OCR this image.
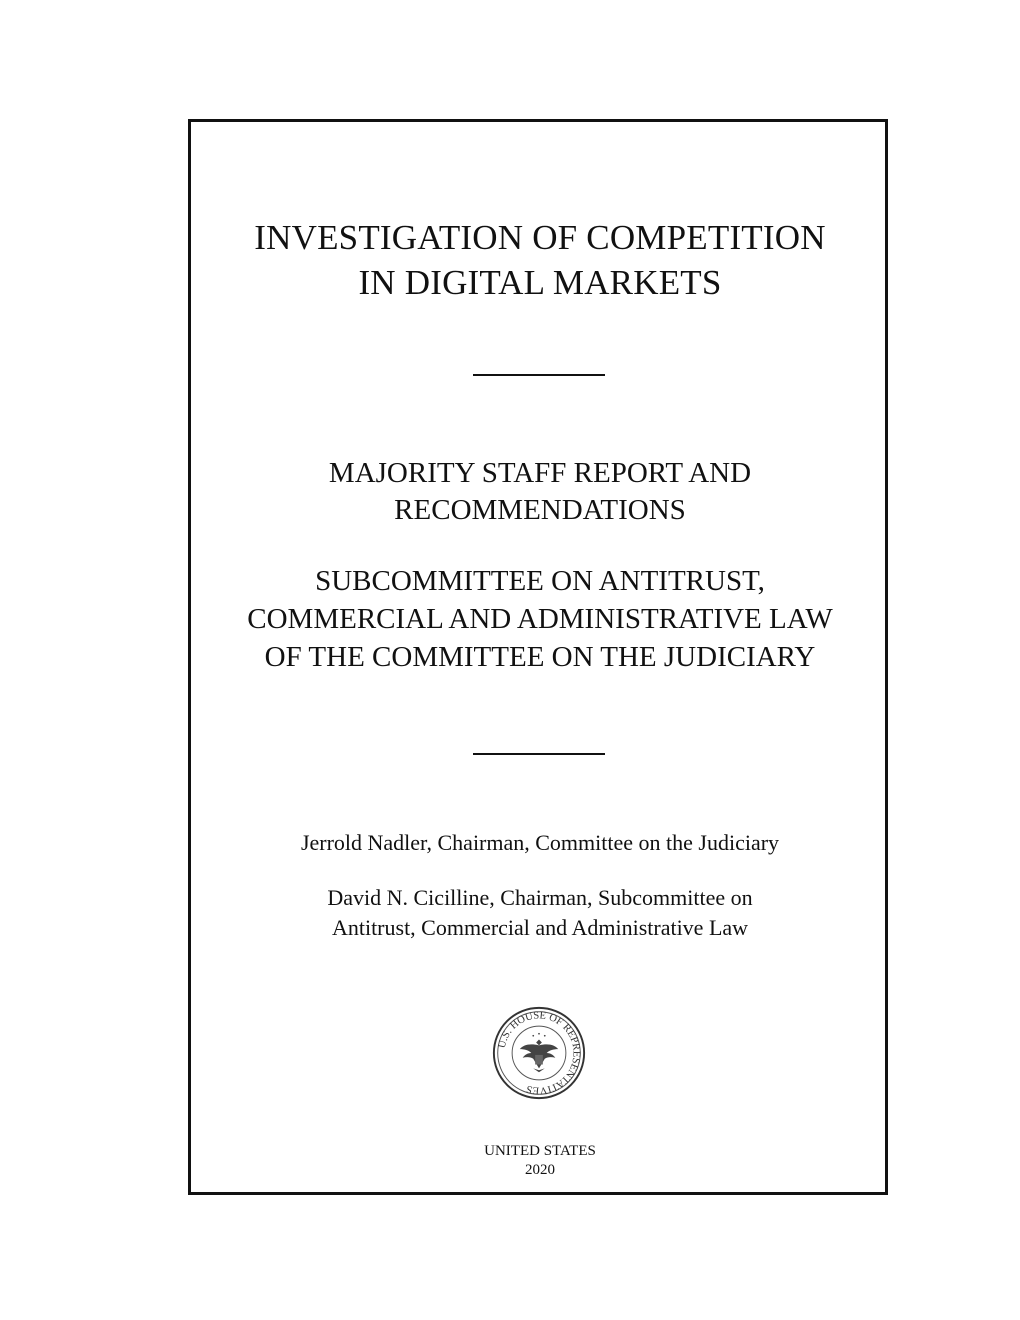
INVESTIGATION OF COMPETITION
IN DIGITAL MARKETS
MAJORITY STAFF REPORT AND
RECOMMENDATIONS
SUBCOMMITTEE ON ANTITRUST,
COMMERCIAL AND ADMINISTRATIVE LAW
OF THE COMMITTEE ON THE JUDICIARY
Jerrold Nadler, Chairman, Committee on the Judiciary
David N. Cicilline, Chairman, Subcommittee on
Antitrust, Commercial and Administrative Law
U.S. HOUSE OF REPRESENTATIVES
UNITED STATES
2020
